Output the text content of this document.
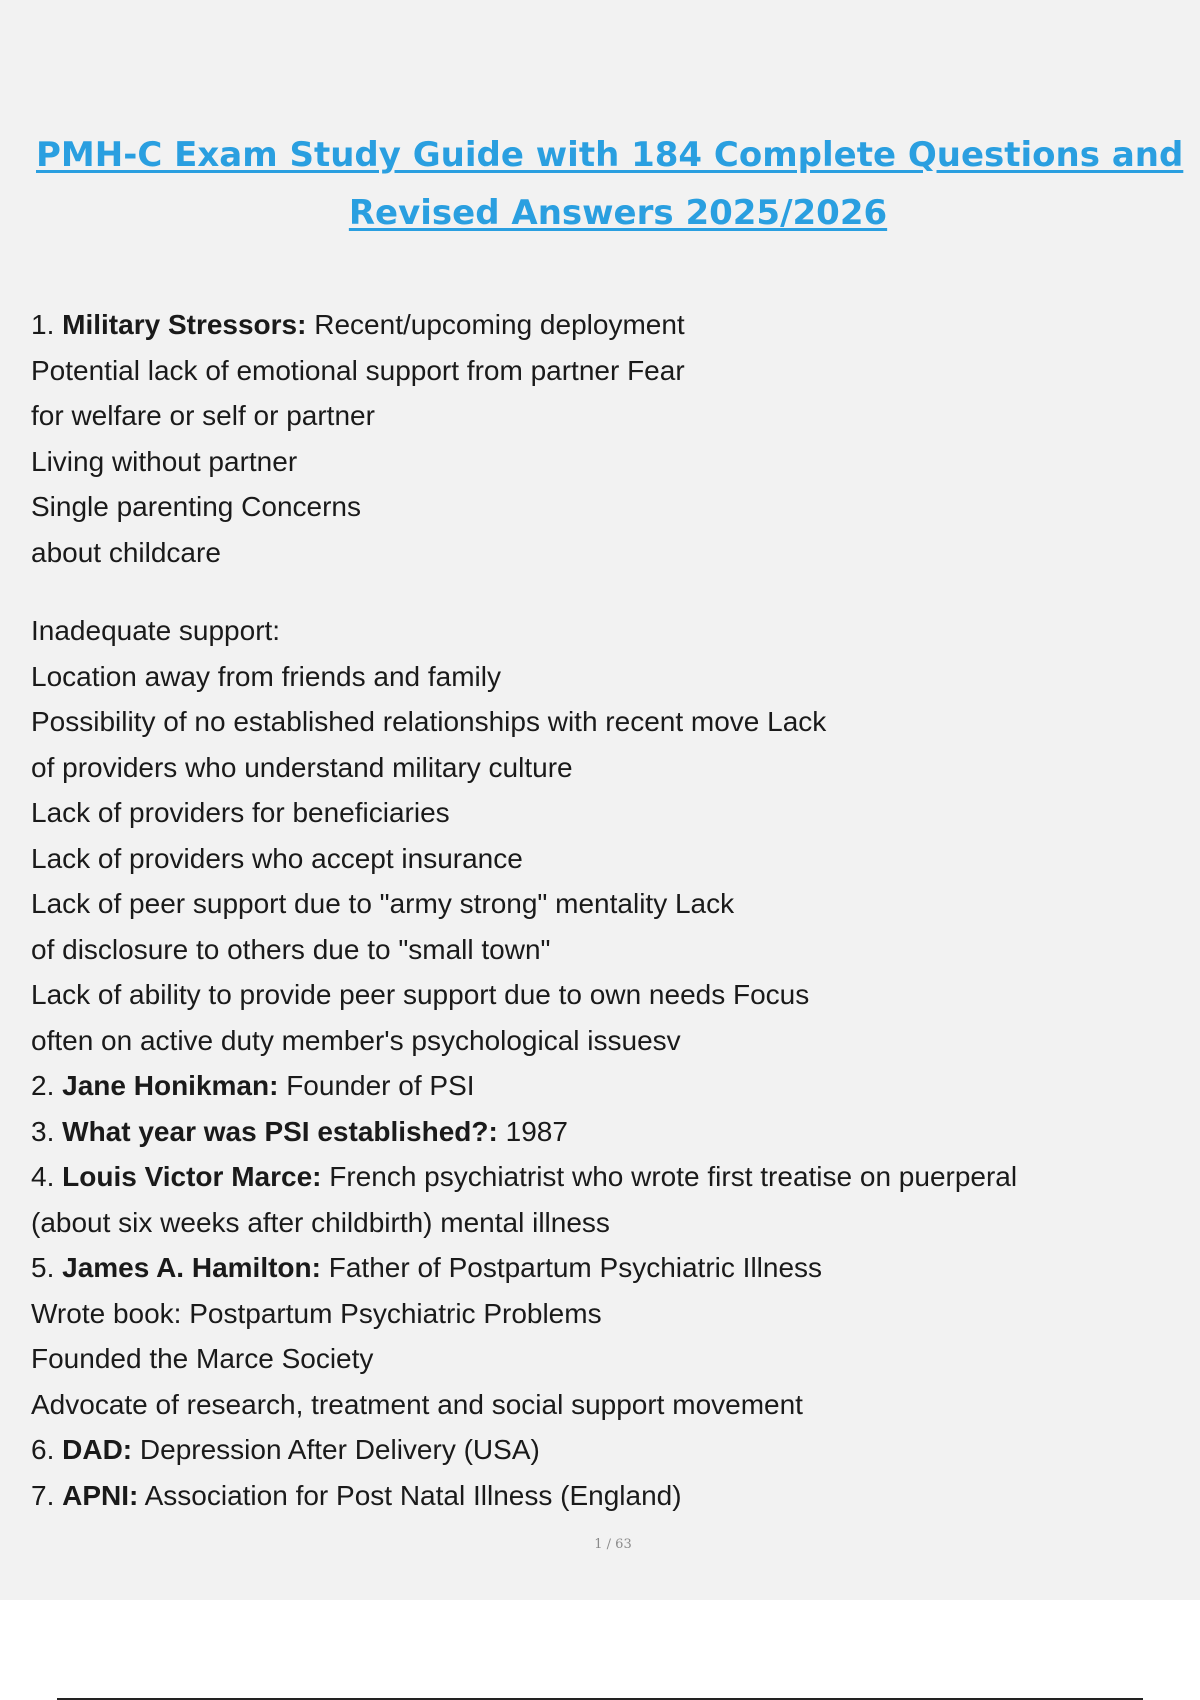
PMH-C Exam Study Guide with 184 Complete Questions and
Revised Answers 2025/2026
1. Military Stressors: Recent/upcoming deployment
Potential lack of emotional support from partner Fear
for welfare or self or partner
Living without partner
Single parenting Concerns
about childcare
Inadequate support:
Location away from friends and family
Possibility of no established relationships with recent move Lack
of providers who understand military culture
Lack of providers for beneficiaries
Lack of providers who accept insurance
Lack of peer support due to "army strong" mentality Lack
of disclosure to others due to "small town"
Lack of ability to provide peer support due to own needs Focus
often on active duty member's psychological issuesv
2. Jane Honikman: Founder of PSI
3. What year was PSI established?: 1987
4. Louis Victor Marce: French psychiatrist who wrote first treatise on puerperal
(about six weeks after childbirth) mental illness
5. James A. Hamilton: Father of Postpartum Psychiatric Illness
Wrote book: Postpartum Psychiatric Problems
Founded the Marce Society
Advocate of research, treatment and social support movement
6. DAD: Depression After Delivery (USA)
7. APNI: Association for Post Natal Illness (England)
1 / 63
